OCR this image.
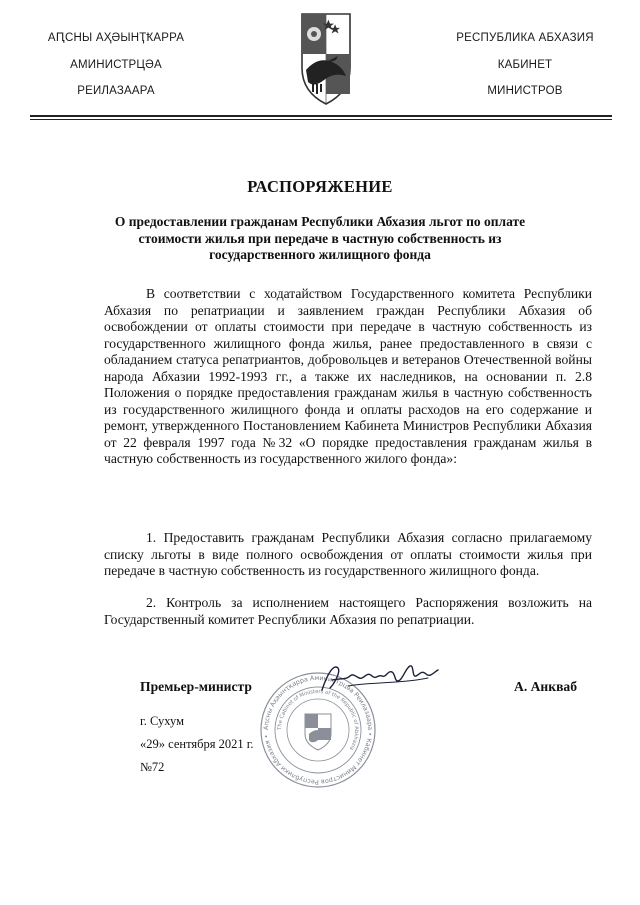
АԤСНЫ АҲӘЫНҬҞАРРА
АМИНИСТРЦӘА
РЕИЛАЗААРА
РЕСПУБЛИКА АБХАЗИЯ
КАБИНЕТ
МИНИСТРОВ
РАСПОРЯЖЕНИЕ
О предоставлении гражданам Республики Абхазия льгот по оплате стоимости жилья при передаче в частную собственность из государственного жилищного фонда
В соответствии с ходатайством Государственного комитета Республики Абхазия по репатриации и заявлением граждан Республики Абхазия об освобождении от оплаты стоимости при передаче в частную собственность из государственного жилищного фонда жилья, ранее предоставленного в связи с обладанием статуса репатриантов, добровольцев и ветеранов Отечественной войны народа Абхазии 1992-1993 гг., а также их наследников, на основании п. 2.8 Положения о порядке предоставления гражданам жилья в частную собственность из государственного жилищного фонда и оплаты расходов на его содержание и ремонт, утвержденного Постановлением Кабинета Министров Республики Абхазия от 22 февраля 1997 года №32 «О порядке предоставления гражданам жилья в частную собственность из государственного жилого фонда»:
1. Предоставить гражданам Республики Абхазия согласно прилагаемому списку льготы в виде полного освобождения от оплаты стоимости жилья при передаче в частную собственность из государственного жилищного фонда.
2. Контроль за исполнением настоящего Распоряжения возложить на Государственный комитет Республики Абхазия по репатриации.
Премьер-министр	А. Анкваб
Аԥсны Аҳәынҭқарра Аминистрцәа Реилазаара • Кабинет Министров Республики Абхазия •
The Cabinet of Ministers of the Republic of Abkhazia
г. Сухум
«29» сентября 2021 г.
№72
